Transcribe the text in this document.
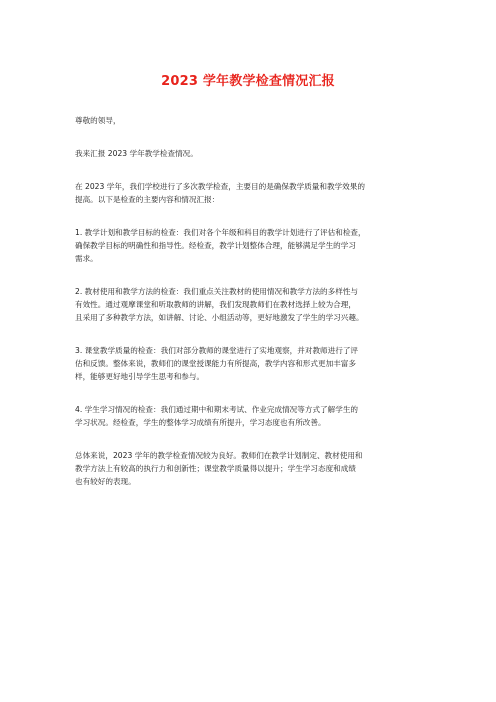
2023 学年教学检查情况汇报

尊敬的领导，

我来汇报 2023 学年教学检查情况。

在 2023 学年，我们学校进行了多次教学检查，主要目的是确保教学质量和教学效果的
提高。以下是检查的主要内容和情况汇报：

1. 教学计划和教学目标的检查：我们对各个年级和科目的教学计划进行了评估和检查，
确保教学目标的明确性和指导性。经检查，教学计划整体合理，能够满足学生的学习
需求。

2. 教材使用和教学方法的检查：我们重点关注教材的使用情况和教学方法的多样性与
有效性。通过观摩课堂和听取教师的讲解，我们发现教师们在教材选择上较为合理，
且采用了多种教学方法，如讲解、讨论、小组活动等，更好地激发了学生的学习兴趣。

3. 课堂教学质量的检查：我们对部分教师的课堂进行了实地观察，并对教师进行了评
估和反馈。整体来说，教师们的课堂授课能力有所提高，教学内容和形式更加丰富多
样，能够更好地引导学生思考和参与。

4. 学生学习情况的检查：我们通过期中和期末考试、作业完成情况等方式了解学生的
学习状况。经检查，学生的整体学习成绩有所提升，学习态度也有所改善。

总体来说，2023 学年的教学检查情况较为良好。教师们在教学计划制定、教材使用和
教学方法上有较高的执行力和创新性；课堂教学质量得以提升；学生学习态度和成绩
也有较好的表现。
